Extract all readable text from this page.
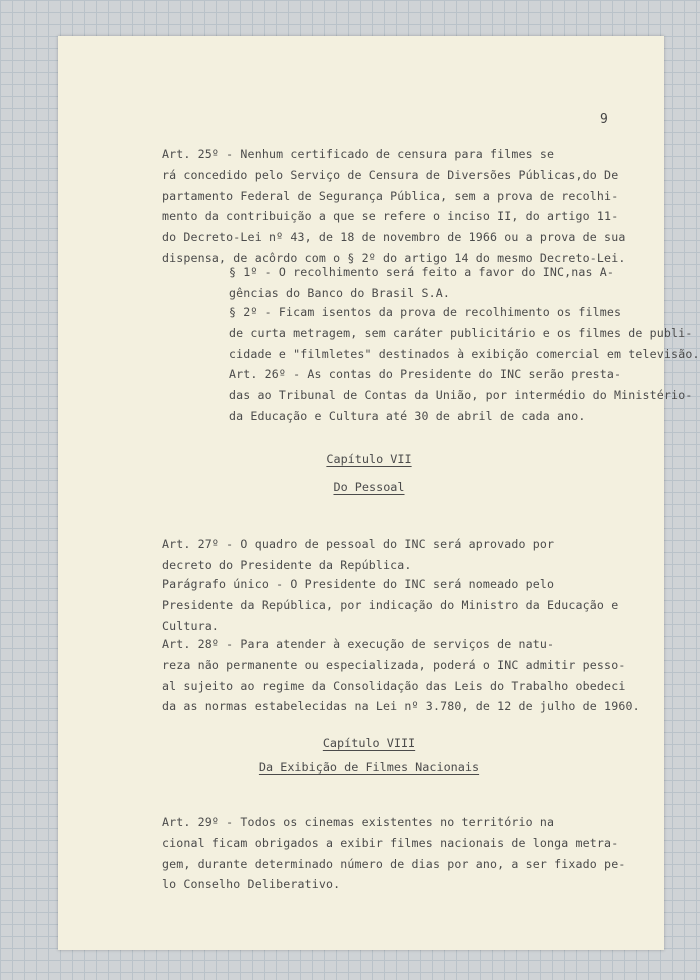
9

Art. 25º - Nenhum certificado de censura para filmes se
rá concedido pelo Serviço de Censura de Diversões Públicas,do De
partamento Federal de Segurança Pública, sem a prova de recolhi-
mento da contribuição a que se refere o inciso II, do artigo 11-
do Decreto-Lei nº 43, de 18 de novembro de 1966 ou a prova de sua
dispensa, de acôrdo com o § 2º do artigo 14 do mesmo Decreto-Lei.

§ 1º - O recolhimento será feito a favor do INC,nas A-
gências do Banco do Brasil S.A.

§ 2º - Ficam isentos da prova de recolhimento os filmes
de curta metragem, sem caráter publicitário e os filmes de publi-
cidade e "filmletes" destinados à exibição comercial em televisão.

Art. 26º - As contas do Presidente do INC serão presta-
das ao Tribunal de Contas da União, por intermédio do Ministério-
da Educação e Cultura até 30 de abril de cada ano.

Capítulo VII
Do Pessoal

Art. 27º - O quadro de pessoal do INC será aprovado por
decreto do Presidente da República.

Parágrafo único - O Presidente do INC será nomeado pelo
Presidente da República, por indicação do Ministro da Educação e
Cultura.

Art. 28º - Para atender à execução de serviços de natu-
reza não permanente ou especializada, poderá o INC admitir pesso-
al sujeito ao regime da Consolidação das Leis do Trabalho obedeci
da as normas estabelecidas na Lei nº 3.780, de 12 de julho de 1960.

Capítulo VIII
Da Exibição de Filmes Nacionais

Art. 29º - Todos os cinemas existentes no território na
cional ficam obrigados a exibir filmes nacionais de longa metra-
gem, durante determinado número de dias por ano, a ser fixado pe-
lo Conselho Deliberativo.
